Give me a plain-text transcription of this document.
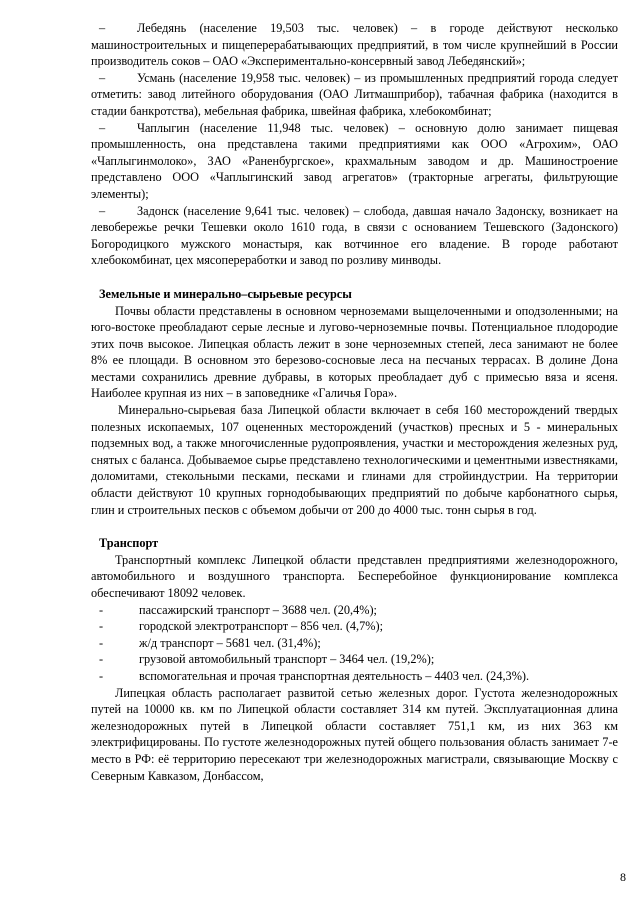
–	Лебедянь (население 19,503 тыс. человек) – в городе действуют несколько машиностроительных и пищеперерабатывающих предприятий, в том числе крупнейший в России производитель соков – ОАО «Экспериментально-консервный завод Лебедянский»;

–	Усмань (население 19,958 тыс. человек) – из промышленных предприятий города следует отметить: завод литейного оборудования (ОАО Литмашприбор), табачная фабрика (находится в стадии банкротства), мебельная фабрика, швейная фабрика, хлебокомбинат;

–	Чаплыгин (население 11,948 тыс. человек) – основную долю занимает пищевая промышленность, она представлена такими предприятиями как ООО «Агрохим», ОАО «Чаплыгинмолоко», ЗАО «Раненбургское», крахмальным заводом и др. Машиностроение представлено ООО «Чаплыгинский завод агрегатов» (тракторные агрегаты, фильтрующие элементы);

–	Задонск (население 9,641 тыс. человек) – слобода, давшая начало Задонску, возникает на левобережье речки Тешевки около 1610 года, в связи с основанием Тешевского (Задонского) Богородицкого мужского монастыря, как вотчинное его владение. В городе работают хлебокомбинат, цех мясопереработки и завод по розливу минводы.

Земельные и минерально–сырьевые ресурсы

Почвы области представлены в основном черноземами выщелоченными и оподзоленными; на юго-востоке преобладают серые лесные и лугово-черноземные почвы. Потенциальное плодородие этих почв высокое. Липецкая область лежит в зоне черноземных степей, леса занимают не более 8% ее площади. В основном это березово-сосновые леса на песчаных террасах. В долине Дона местами сохранились древние дубравы, в которых преобладает дуб с примесью вяза и ясеня. Наиболее крупная из них – в заповеднике «Галичья Гора».

Минерально-сырьевая база Липецкой области включает в себя 160 месторождений твердых полезных ископаемых, 107 оцененных месторождений (участков) пресных и 5 - минеральных подземных вод, а также многочисленные рудопроявления, участки и месторождения железных руд, снятых с баланса. Добываемое сырье представлено технологическими и цементными известняками, доломитами, стекольными песками, песками и глинами для стройиндустрии. На территории области действуют 10 крупных горнодобывающих предприятий по добыче карбонатного сырья, глин и строительных песков с объемом добычи от 200 до 4000 тыс. тонн сырья в год.

Транспорт

Транспортный комплекс Липецкой области представлен предприятиями железнодорожного, автомобильного и воздушного транспорта. Бесперебойное функционирование комплекса обеспечивают 18092 человек.

-	пассажирский транспорт – 3688 чел. (20,4%);
-	городской электротранспорт – 856 чел. (4,7%);
-	ж/д транспорт – 5681 чел. (31,4%);
-	грузовой автомобильный транспорт – 3464 чел. (19,2%);
-	вспомогательная и прочая транспортная деятельность – 4403 чел. (24,3%).

Липецкая область располагает развитой сетью железных дорог. Густота железнодорожных путей на 10000 кв. км по Липецкой области составляет 314 км путей. Эксплуатационная длина железнодорожных путей в Липецкой области составляет 751,1 км, из них 363 км электрифицированы. По густоте железнодорожных путей общего пользования область занимает 7-е место в РФ: её территорию пересекают три железнодорожных магистрали, связывающие Москву с Северным Кавказом, Донбассом,

8
